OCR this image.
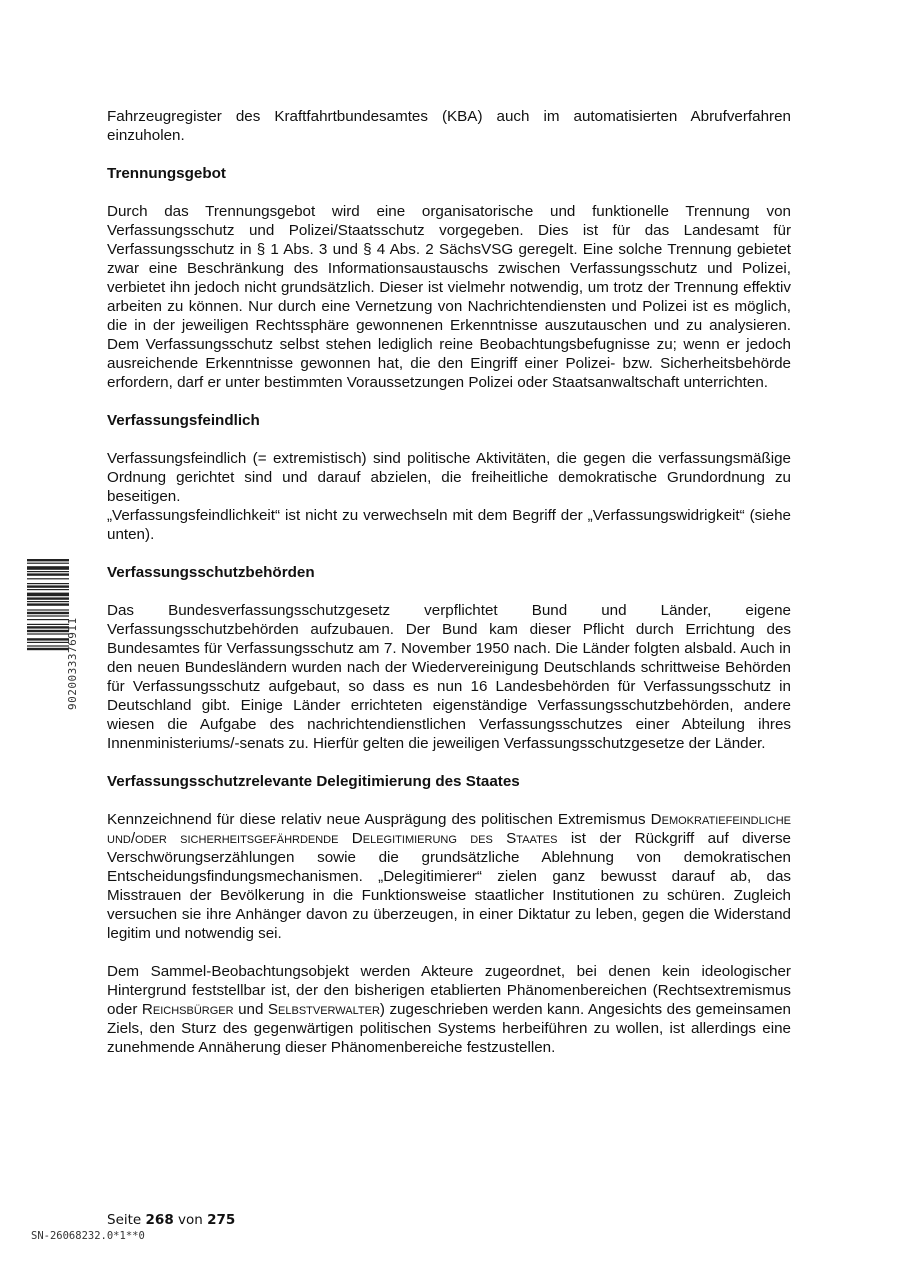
Fahrzeugregister des Kraftfahrtbundesamtes (KBA) auch im automatisierten Abrufverfahren einzuholen.

Trennungsgebot

Durch das Trennungsgebot wird eine organisatorische und funktionelle Trennung von Verfassungsschutz und Polizei/Staatsschutz vorgegeben. Dies ist für das Landesamt für Verfassungsschutz in § 1 Abs. 3 und § 4 Abs. 2 SächsVSG geregelt. Eine solche Trennung gebietet zwar eine Beschränkung des Informationsaustauschs zwischen Verfassungsschutz und Polizei, verbietet ihn jedoch nicht grundsätzlich. Dieser ist vielmehr notwendig, um trotz der Trennung effektiv arbeiten zu können. Nur durch eine Vernetzung von Nachrichtendiensten und Polizei ist es möglich, die in der jeweiligen Rechtssphäre gewonnenen Erkenntnisse auszutauschen und zu analysieren. Dem Verfassungsschutz selbst stehen lediglich reine Beobachtungsbefugnisse zu; wenn er jedoch ausreichende Erkenntnisse gewonnen hat, die den Eingriff einer Polizei- bzw. Sicherheitsbehörde erfordern, darf er unter bestimmten Voraussetzungen Polizei oder Staatsanwaltschaft unterrichten.

Verfassungsfeindlich

Verfassungsfeindlich (= extremistisch) sind politische Aktivitäten, die gegen die verfassungsmäßige Ordnung gerichtet sind und darauf abzielen, die freiheitliche demokratische Grundordnung zu beseitigen.

„Verfassungsfeindlichkeit“ ist nicht zu verwechseln mit dem Begriff der „Verfassungswidrigkeit“ (siehe unten).

Verfassungsschutzbehörden

Das Bundesverfassungsschutzgesetz verpflichtet Bund und Länder, eigene Verfassungsschutzbehörden aufzubauen. Der Bund kam dieser Pflicht durch Errichtung des Bundesamtes für Verfassungsschutz am 7. November 1950 nach. Die Länder folgten alsbald. Auch in den neuen Bundesländern wurden nach der Wiedervereinigung Deutschlands schrittweise Behörden für Verfassungsschutz aufgebaut, so dass es nun 16 Landesbehörden für Verfassungsschutz in Deutschland gibt. Einige Länder errichteten eigenständige Verfassungsschutzbehörden, andere wiesen die Aufgabe des nachrichtendienstlichen Verfassungsschutzes einer Abteilung ihres Innenministeriums/-senats zu. Hierfür gelten die jeweiligen Verfassungsschutzgesetze der Länder.

Verfassungsschutzrelevante Delegitimierung des Staates

Kennzeichnend für diese relativ neue Ausprägung des politischen Extremismus Demokratiefeindliche und/oder sicherheitsgefährdende Delegitimierung des Staates ist der Rückgriff auf diverse Verschwörungserzählungen sowie die grundsätzliche Ablehnung von demokratischen Entscheidungsfindungsmechanismen. „Delegitimierer“ zielen ganz bewusst darauf ab, das Misstrauen der Bevölkerung in die Funktionsweise staatlicher Institutionen zu schüren. Zugleich versuchen sie ihre Anhänger davon zu überzeugen, in einer Diktatur zu leben, gegen die Widerstand legitim und notwendig sei.

Dem Sammel-Beobachtungsobjekt werden Akteure zugeordnet, bei denen kein ideologischer Hintergrund feststellbar ist, der den bisherigen etablierten Phänomenbereichen (Rechtsextremismus oder Reichsbürger und Selbstverwalter) zugeschrieben werden kann. Angesichts des gemeinsamen Ziels, den Sturz des gegenwärtigen politischen Systems herbeiführen zu wollen, ist allerdings eine zunehmende Annäherung dieser Phänomenbereiche festzustellen.

9020033376911
Seite 268 von 275
SN-26068232.0*1**0
